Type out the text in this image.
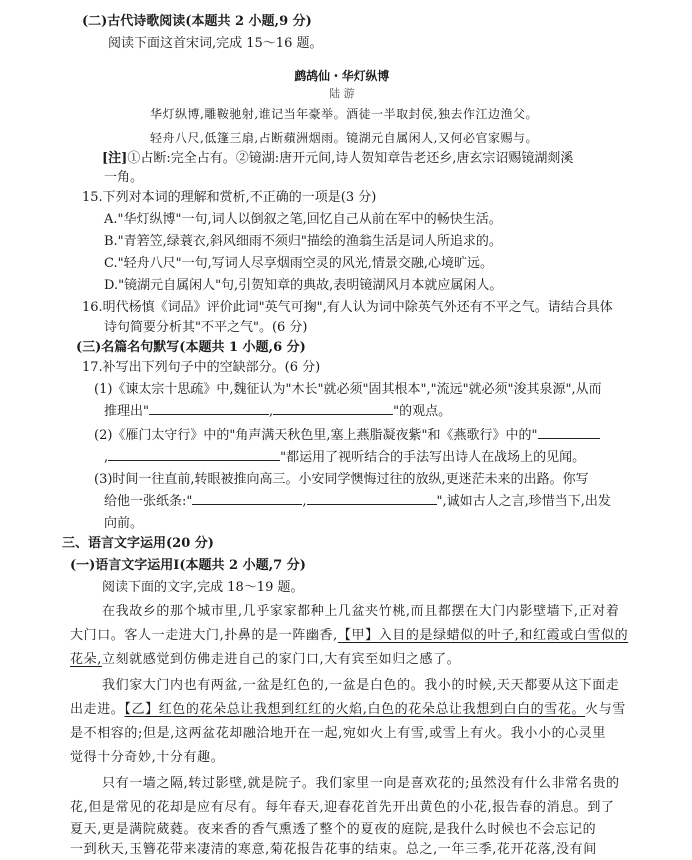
(二)古代诗歌阅读(本题共 2 小题,9 分)
阅读下面这首宋词,完成 15～16 题。
鹧鸪仙・华灯纵博
陆 游
华灯纵博,雕鞍驰射,谁记当年豪举。酒徒一半取封侯,独去作江边渔父。
轻舟八尺,低篷三扇,占断蘋洲烟雨。镜湖元自属闲人,又何必官家赐与。
[注]①占断:完全占有。②镜湖:唐开元间,诗人贺知章告老还乡,唐玄宗诏赐镜湖剡溪
一角。
15.下列对本词的理解和赏析,不正确的一项是(3 分)
A."华灯纵博"一句,词人以倒叙之笔,回忆自己从前在军中的畅快生活。
B."青箬笠,绿蓑衣,斜风细雨不须归"描绘的渔翁生活是词人所追求的。
C."轻舟八尺"一句,写词人尽享烟雨空灵的风光,情景交融,心境旷远。
D."镜湖元自属闲人"句,引贺知章的典故,表明镜湖风月本就应属闲人。
16.明代杨慎《词品》评价此词"英气可掬",有人认为词中除英气外还有不平之气。请结合具体
诗句简要分析其"不平之气"。(6 分)
(三)名篇名句默写(本题共 1 小题,6 分)
17.补写出下列句子中的空缺部分。(6 分)
(1)《谏太宗十思疏》中,魏征认为"木长"就必须"固其根本","流远"就必须"浚其泉源",从而
推理出"	,	"的观点。
(2)《雁门太守行》中的"角声满天秋色里,塞上燕脂凝夜紫"和《燕歌行》中的"
,	"都运用了视听结合的手法写出诗人在战场上的见闻。
(3)时间一往直前,转眼被推向高三。小安同学懊悔过往的放纵,更迷茫未来的出路。你写
给他一张纸条:"	,	",诚如古人之言,珍惜当下,出发
向前。
三、语言文字运用(20 分)
(一)语言文字运用Ⅰ(本题共 2 小题,7 分)
阅读下面的文字,完成 18～19 题。
在我故乡的那个城市里,几乎家家都种上几盆夹竹桃,而且都摆在大门内影壁墙下,正对着
大门口。客人一走进大门,扑鼻的是一阵幽香,【甲】入目的是绿蜡似的叶子,和红霞或白雪似的
花朵,立刻就感觉到仿佛走进自己的家门口,大有宾至如归之感了。
我们家大门内也有两盆,一盆是红色的,一盆是白色的。我小的时候,天天都要从这下面走
出走进。【乙】红色的花朵总让我想到红红的火焰,白色的花朵总让我想到白白的雪花。火与雪
是不相容的;但是,这两盆花却融洽地开在一起,宛如火上有雪,或雪上有火。我小小的心灵里
觉得十分奇妙,十分有趣。
只有一墙之隔,转过影壁,就是院子。我们家里一向是喜欢花的;虽然没有什么非常名贵的
花,但是常见的花却是应有尽有。每年春天,迎春花首先开出黄色的小花,报告春的消息。到了
夏天,更是满院葳蕤。夜来香的香气熏透了整个的夏夜的庭院,是我什么时候也不会忘记的
一到秋天,玉簪花带来凄清的寒意,菊花报告花事的结束。总之,一年三季,花开花落,没有间
